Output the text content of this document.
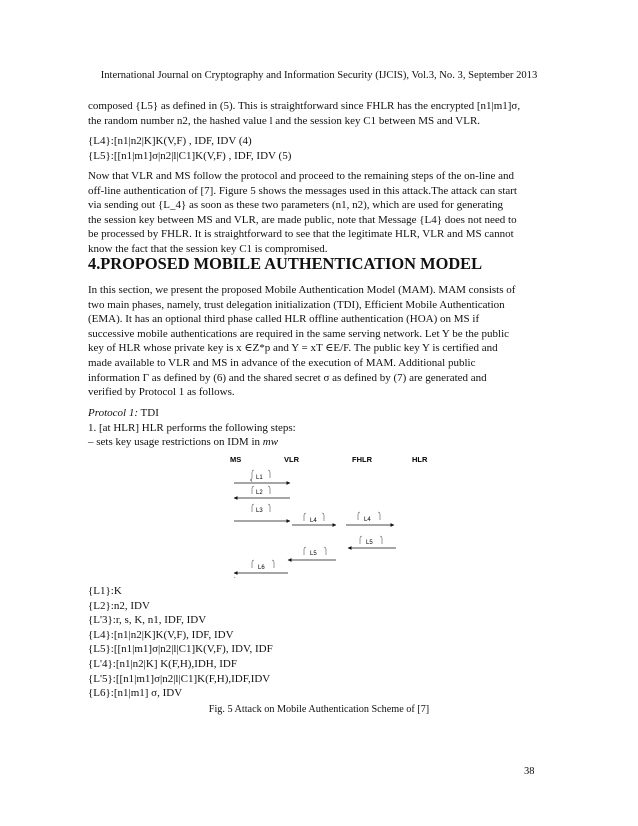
International Journal on Cryptography and Information Security (IJCIS), Vol.3, No. 3, September 2013
composed {L5} as defined in (5). This is straightforward since FHLR has the encrypted [n1|m1]σ,
the random number n2, the hashed value l and the session key C1 between MS and VLR.
{L4}:[n1|n2|K]K(V,F) , IDF, IDV (4)
{L5}:[[n1|m1]σ|n2|l|C1]K(V,F) , IDF, IDV (5)
Now that VLR and MS follow the protocol and proceed to the remaining steps of the on-line and
off-line authentication of [7]. Figure 5 shows the messages used in this attack.The attack can start
via sending out {L_4} as soon as these two parameters (n1, n2), which are used for generating
the session key between MS and VLR, are made public, note that Message {L4} does not need to
be processed by FHLR. It is straightforward to see that the legitimate HLR, VLR and MS cannot
know the fact that the session key C1 is compromised.
4.PROPOSED MOBILE AUTHENTICATION MODEL
In this section, we present the proposed Mobile Authentication Model (MAM). MAM consists of
two main phases, namely, trust delegation initialization (TDI), Efficient Mobile Authentication
(EMA). It has an optional third phase called HLR offline authentication (HOA) on MS if
successive mobile authentications are required in the same serving network. Let Y be the public
key of HLR whose private key is x ∈Z*p and Y = xT ∈E/F. The public key Y is certified and
made available to VLR and MS in advance of the execution of MAM. Additional public
information Γ as defined by (6) and the shared secret σ as defined by (7) are generated and
verified by Protocol 1 as follows.
Protocol 1: TDI
1. [at HLR] HLR performs the following steps:
– sets key usage restrictions on IDM in mw
MS	VLR	FHLR	HLR
L1
L2
L3
L4	L4
L5
L5
L6
.
{L1}:K
{L2}:n2, IDV
{L'3}:r, s, K, n1, IDF, IDV
{L4}:[n1|n2|K]K(V,F), IDF, IDV
{L5}:[[n1|m1]σ|n2|l|C1]K(V,F), IDV, IDF
{L'4}:[n1|n2|K] K(F,H),IDH, IDF
{L'5}:[[n1|m1]σ|n2|l|C1]K(F,H),IDF,IDV
{L6}:[n1|m1] σ, IDV
Fig. 5 Attack on Mobile Authentication Scheme of [7]
38
